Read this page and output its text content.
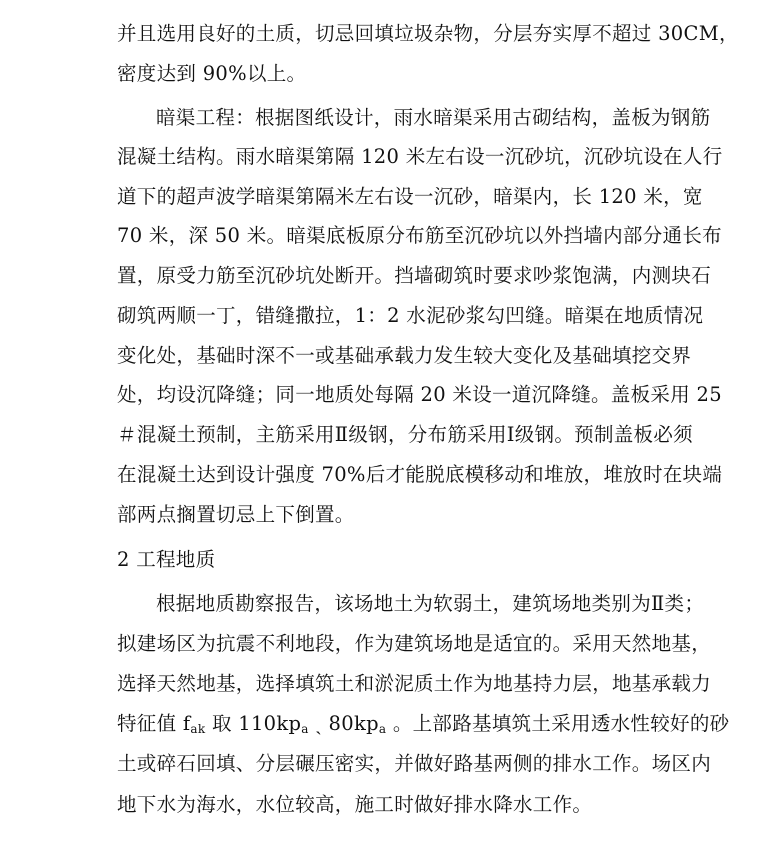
并且选用良好的土质，切忌回填垃圾杂物，分层夯实厚不超过 30CM，
密度达到 90%以上。
暗渠工程：根据图纸设计，雨水暗渠采用古砌结构，盖板为钢筋
混凝土结构。雨水暗渠第隔 120 米左右设一沉砂坑，沉砂坑设在人行
道下的超声波学暗渠第隔米左右设一沉砂，暗渠内，长 120 米，宽
70 米，深 50 米。暗渠底板原分布筋至沉砂坑以外挡墙内部分通长布
置，原受力筋至沉砂坑处断开。挡墙砌筑时要求吵浆饱满，内测块石
砌筑两顺一丁，错缝撒拉，1：2 水泥砂浆勾凹缝。暗渠在地质情况
变化处，基础时深不一或基础承载力发生较大变化及基础填挖交界
处，均设沉降缝；同一地质处每隔 20 米设一道沉降缝。盖板采用 25
＃混凝土预制，主筋采用Ⅱ级钢，分布筋采用Ⅰ级钢。预制盖板必须
在混凝土达到设计强度 70%后才能脱底模移动和堆放，堆放时在块端
部两点搁置切忌上下倒置。
2 工程地质
根据地质勘察报告，该场地土为软弱土，建筑场地类别为Ⅱ类；
拟建场区为抗震不利地段，作为建筑场地是适宜的。采用天然地基，
选择天然地基，选择填筑土和淤泥质土作为地基持力层，地基承载力
特征值 $f_{ak}$ 取 $110kp_a$ ˎ $80kp_a$ 。上部路基填筑土采用透水性较好的砂
土或碎石回填、分层碾压密实，并做好路基两侧的排水工作。场区内
地下水为海水，水位较高，施工时做好排水降水工作。
